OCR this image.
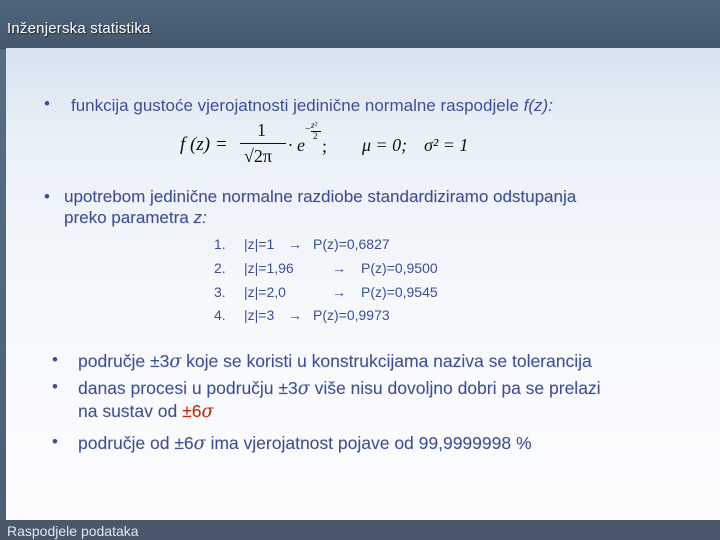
Inženjerska statistika
• funkcija gustoće vjerojatnosti jedinične normalne raspodjele f(z):
f (z) =
1
√2π
· e
− z²
2 ; μ = 0; σ² = 1
• upotrebom jedinične normalne razdiobe standardiziramo odstupanja
preko parametra z:
1. |z|=1 → P(z)=0,6827
2. |z|=1,96	→ P(z)=0,9500
3. |z|=2,0	→ P(z)=0,9545
4. |z|=3 → P(z)=0,9973
• područje ±3σ koje se koristi u konstrukcijama naziva se tolerancija
• danas procesi u području ±3σ više nisu dovoljno dobri pa se prelazi
na sustav od ±6σ
• područje od ±6σ ima vjerojatnost pojave od 99,9999998 %
Raspodjele podataka
